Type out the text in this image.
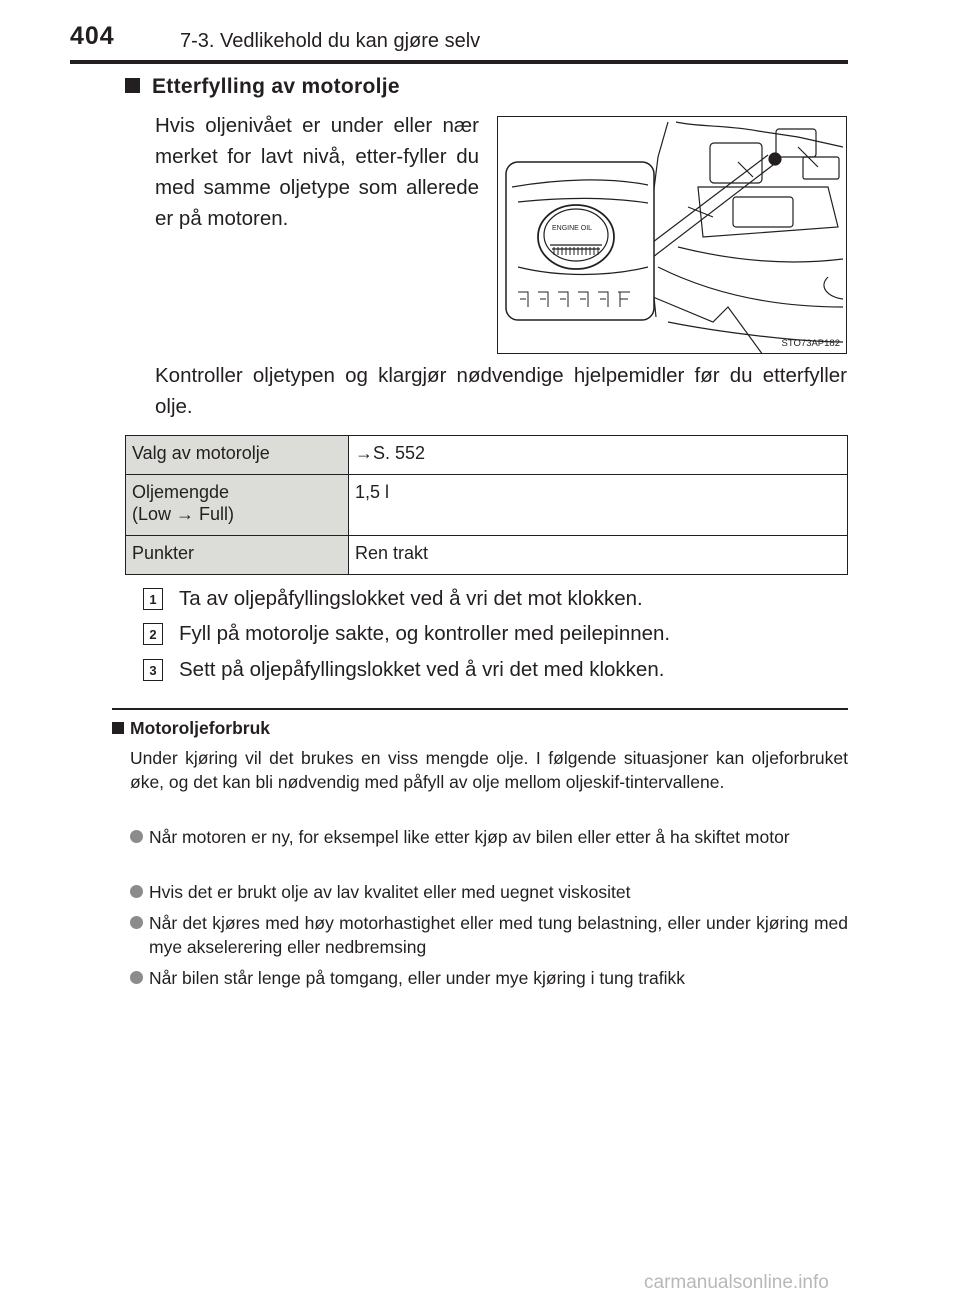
404	7-3. Vedlikehold du kan gjøre selv
Etterfylling av motorolje
Hvis oljenivået er under eller nær merket for lavt nivå, etter-fyller du med samme oljetype som allerede er på motoren.	ENGINE OIL
STO73AP182
Kontroller oljetypen og klargjør nødvendige hjelpemidler før du etterfyller olje.
Valg av motorolje	→S. 552

Oljemengde
(Low → Full)	1,5 l
Punkter	Ren trakt
1	Ta av oljepåfyllingslokket ved å vri det mot klokken.
2	Fyll på motorolje sakte, og kontroller med peilepinnen.
3	Sett på oljepåfyllingslokket ved å vri det med klokken.
Motoroljeforbruk
Under kjøring vil det brukes en viss mengde olje. I følgende situasjoner kan oljeforbruket øke, og det kan bli nødvendig med påfyll av olje mellom oljeskif-tintervallene.
Når motoren er ny, for eksempel like etter kjøp av bilen eller etter å ha skiftet motor
Hvis det er brukt olje av lav kvalitet eller med uegnet viskositet
Når det kjøres med høy motorhastighet eller med tung belastning, eller under kjøring med mye akselerering eller nedbremsing
Når bilen står lenge på tomgang, eller under mye kjøring i tung trafikk
carmanualsonline.info
